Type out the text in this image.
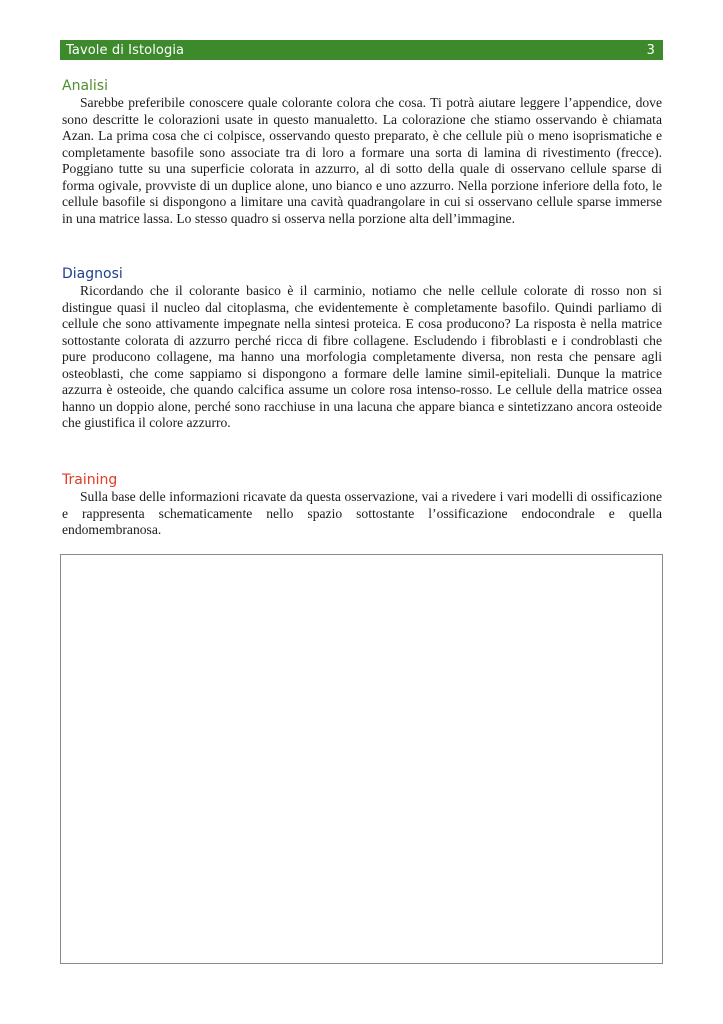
Tavole di Istologia	3
Analisi

Sarebbe preferibile conoscere quale colorante colora che cosa. Ti potrà aiutare leggere l’appendice, dove sono descritte le colorazioni usate in questo manualetto. La colorazione che stiamo osservando è chiamata Azan. La prima cosa che ci colpisce, osservando questo preparato, è che cellule più o meno isoprismatiche e completamente basofile sono associate tra di loro a formare una sorta di lamina di rivestimento (frecce). Poggiano tutte su una superficie colorata in azzurro, al di sotto della quale di osservano cellule sparse di forma ogivale, provviste di un duplice alone, uno bianco e uno azzurro. Nella porzione inferiore della foto, le cellule basofile si dispongono a limitare una cavità quadrangolare in cui si osservano cellule sparse immerse in una matrice lassa. Lo stesso quadro si osserva nella porzione alta dell’immagine.

Diagnosi

Ricordando che il colorante basico è il carminio, notiamo che nelle cellule colorate di rosso non si distingue quasi il nucleo dal citoplasma, che evidentemente è completamente basofilo. Quindi parliamo di cellule che sono attivamente impegnate nella sintesi proteica. E cosa producono? La risposta è nella matrice sottostante colorata di azzurro perché ricca di fibre collagene. Escludendo i fibroblasti e i condroblasti che pure producono collagene, ma hanno una morfologia completamente diversa, non resta che pensare agli osteoblasti, che come sappiamo si dispongono a formare delle lamine simil-epiteliali. Dunque la matrice azzurra è osteoide, che quando calcifica assume un colore rosa intenso-rosso. Le cellule della matrice ossea hanno un doppio alone, perché sono racchiuse in una lacuna che appare bianca e sintetizzano ancora osteoide che giustifica il colore azzurro.

Training

Sulla base delle informazioni ricavate da questa osservazione, vai a rivedere i vari modelli di ossificazione e rappresenta schematicamente nello spazio sottostante l’ossificazione endocondrale e quella endomembranosa.
